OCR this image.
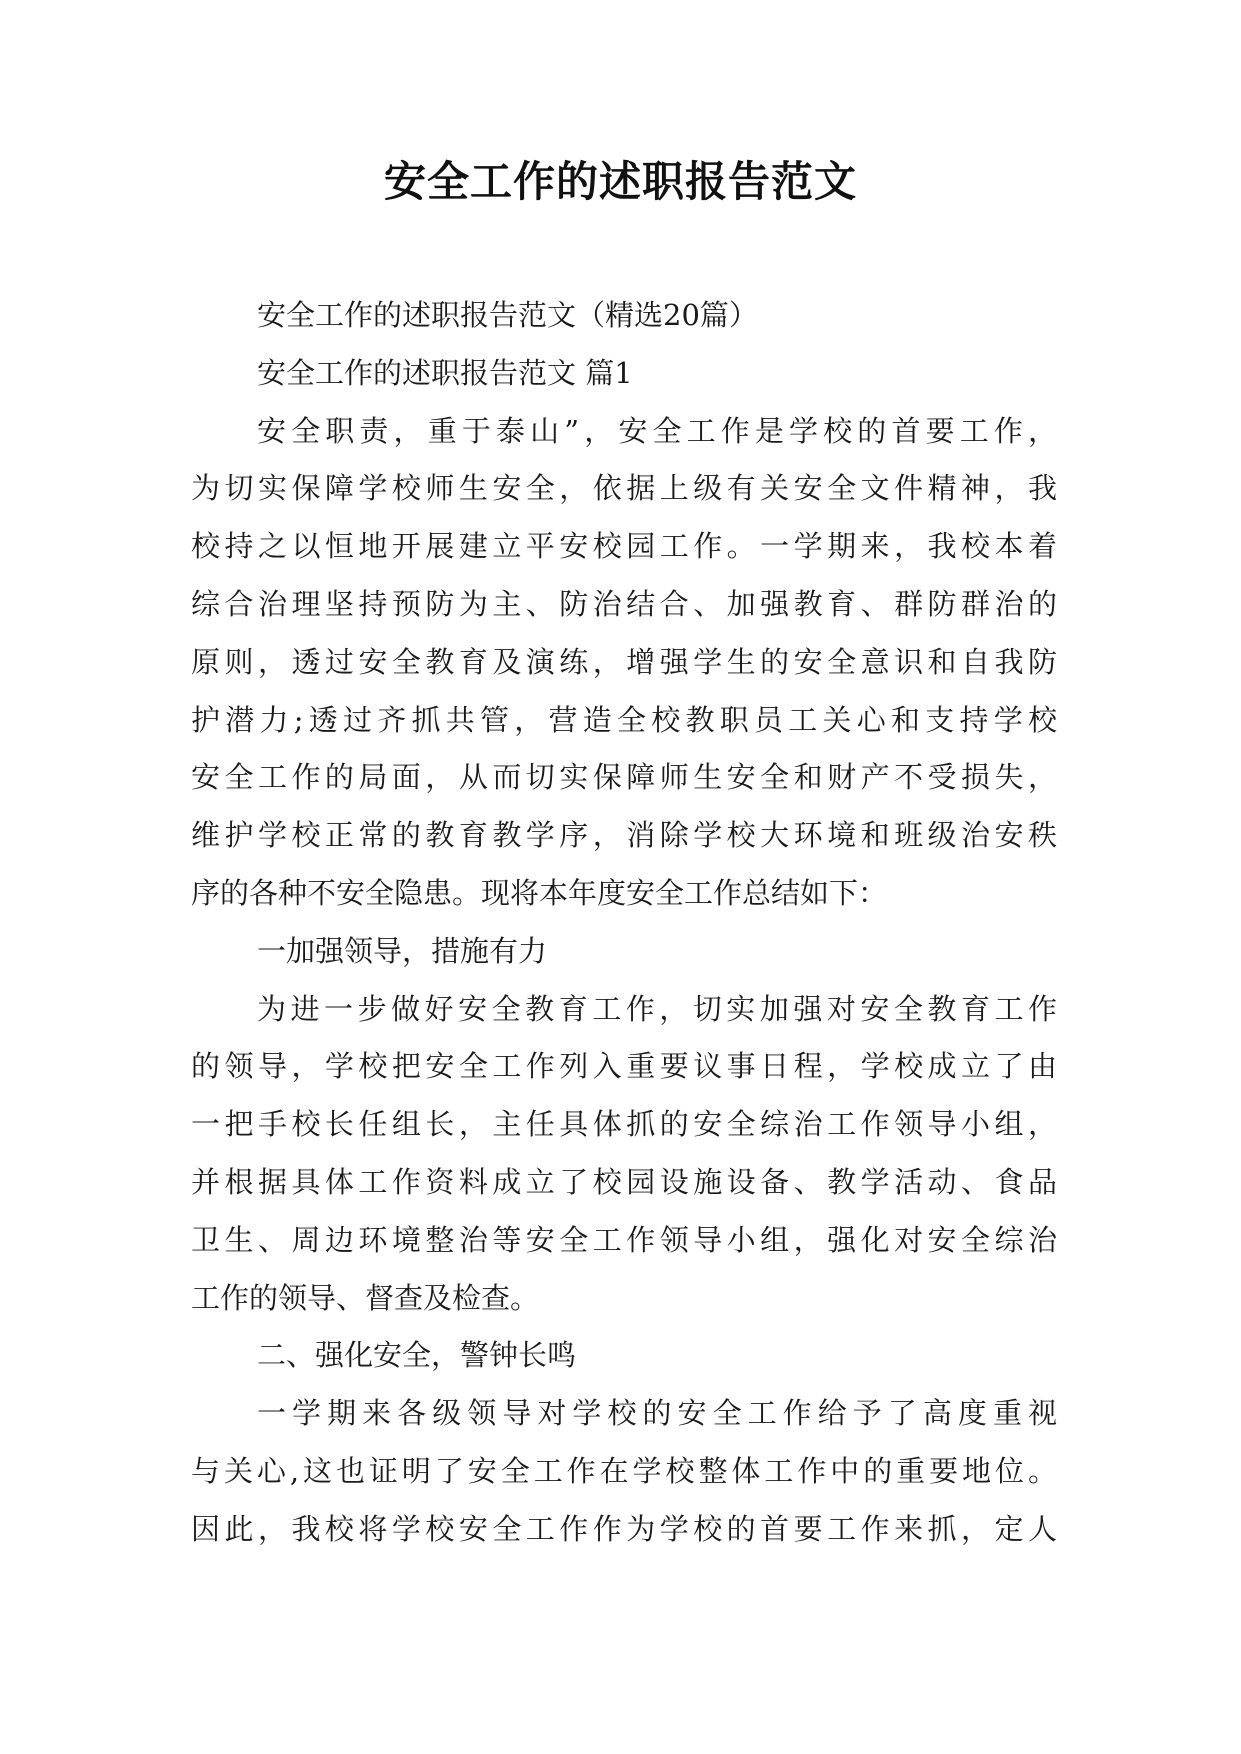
安全工作的述职报告范文
安全工作的述职报告范文（精选20篇）
安全工作的述职报告范文 篇1
安全职责，重于泰山”，安全工作是学校的首要工作，
为切实保障学校师生安全，依据上级有关安全文件精神，我
校持之以恒地开展建立平安校园工作。一学期来，我校本着
综合治理坚持预防为主、防治结合、加强教育、群防群治的
原则，透过安全教育及演练，增强学生的安全意识和自我防
护潜力;透过齐抓共管，营造全校教职员工关心和支持学校
安全工作的局面，从而切实保障师生安全和财产不受损失，
维护学校正常的教育教学序，消除学校大环境和班级治安秩
序的各种不安全隐患。现将本年度安全工作总结如下：
一加强领导，措施有力
为进一步做好安全教育工作，切实加强对安全教育工作
的领导，学校把安全工作列入重要议事日程，学校成立了由
一把手校长任组长，主任具体抓的安全综治工作领导小组，
并根据具体工作资料成立了校园设施设备、教学活动、食品
卫生、周边环境整治等安全工作领导小组，强化对安全综治
工作的领导、督查及检查。
二、强化安全，警钟长鸣
一学期来各级领导对学校的安全工作给予了高度重视
与关心,这也证明了安全工作在学校整体工作中的重要地位。
因此，我校将学校安全工作作为学校的首要工作来抓，定人
